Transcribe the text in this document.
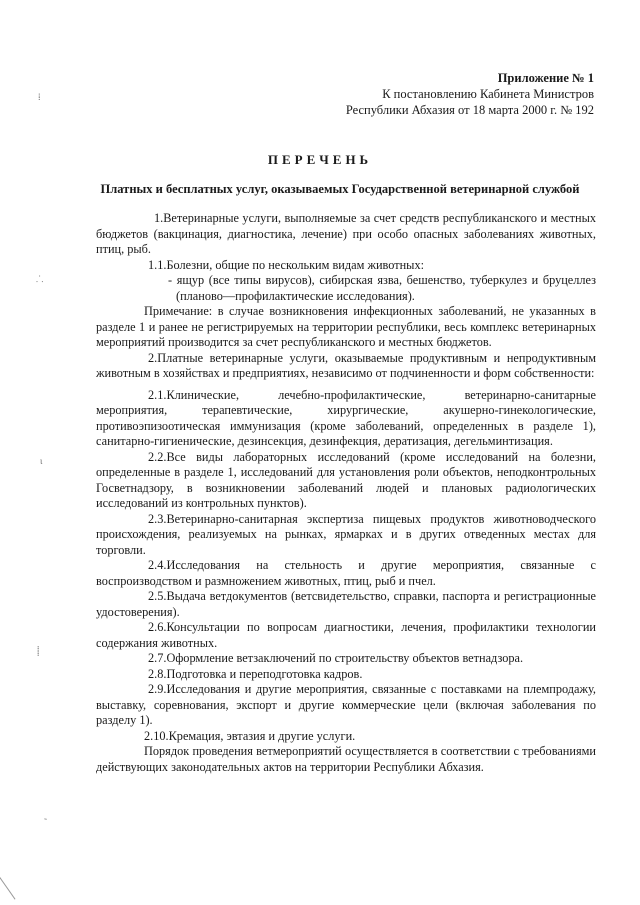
Приложение № 1
К постановлению Кабинета Министров
Республики Абхазия от 18 марта 2000 г. № 192
ПЕРЕЧЕНЬ
Платных и бесплатных услуг, оказываемых Государственной ветеринарной службой

1.Ветеринарные услуги, выполняемые за счет средств республиканского и местных бюджетов (вакцинация, диагностика, лечение) при особо опасных заболеваниях животных, птиц, рыб.

1.1.Болезни, общие по нескольким видам животных:

- ящур (все типы вирусов), сибирская язва, бешенство, туберкулез и бруцеллез (планово—профилактические исследования).

Примечание: в случае возникновения инфекционных заболеваний, не указанных в разделе 1 и ранее не регистрируемых на территории республики, весь комплекс ветеринарных мероприятий производится за счет республиканского и местных бюджетов.

2.Платные ветеринарные услуги, оказываемые продуктивным и непродуктивным животным в хозяйствах и предприятиях, независимо от подчиненности и форм собственности:

2.1.Клинические, лечебно-профилактические, ветеринарно-санитарные мероприятия, терапевтические, хирургические, акушерно-гинекологические, противоэпизоотическая иммунизация (кроме заболеваний, определенных в разделе 1), санитарно-гигиенические, дезинсекция, дезинфекция, дератизация, дегельминтизация.

2.2.Все виды лабораторных исследований (кроме исследований на болезни, определенные в разделе 1, исследований для установления роли объектов, неподконтрольных Госветнадзору, в возникновении заболеваний людей и плановых радиологических исследований из контрольных пунктов).

2.3.Ветеринарно-санитарная экспертиза пищевых продуктов животноводческого происхождения, реализуемых на рынках, ярмарках и в других отведенных местах для торговли.

2.4.Исследования на стельность и другие мероприятия, связанные с воспроизводством и размножением животных, птиц, рыб и пчел.

2.5.Выдача ветдокументов (ветсвидетельство, справки, паспорта и регистрационные удостоверения).

2.6.Консультации по вопросам диагностики, лечения, профилактики технологии содержания животных.

2.7.Оформление ветзаключений по строительству объектов ветнадзора.

2.8.Подготовка и переподготовка кадров.

2.9.Исследования и другие мероприятия, связанные с поставками на племпродажу, выставку, соревнования, экспорт и другие коммерческие цели (включая заболевания по разделу 1).

2.10.Кремация, эвтазия и другие услуги.

Порядок проведения ветмероприятий осуществляется в соответствии с требованиями действующих законодательных актов на территории Республики Абхазия.

⁞
⸫
ɩ
⸽
˷
